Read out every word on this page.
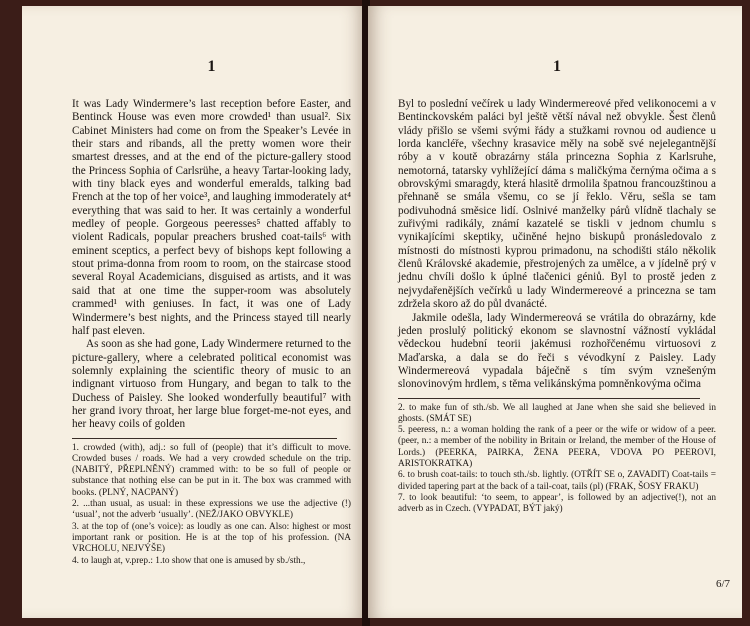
1

It was Lady Windermere’s last reception before Easter, and Bentinck House was even more crowded¹ than usual². Six Cabinet Ministers had come on from the Speaker’s Levée in their stars and ribands, all the pretty women wore their smartest dresses, and at the end of the picture-gallery stood the Princess Sophia of Carlsrühe, a heavy Tartar-looking lady, with tiny black eyes and wonderful emeralds, talking bad French at the top of her voice³, and laughing immoderately at⁴ everything that was said to her. It was certainly a wonderful medley of people. Gorgeous peeresses⁵ chatted affably to violent Radicals, popular preachers brushed coat-tails⁶ with eminent sceptics, a perfect bevy of bishops kept following a stout prima-donna from room to room, on the staircase stood several Royal Academicians, disguised as artists, and it was said that at one time the supper-room was absolutely crammed¹ with geniuses. In fact, it was one of Lady Windermere’s best nights, and the Princess stayed till nearly half past eleven.

As soon as she had gone, Lady Windermere returned to the picture-gallery, where a celebrated political economist was solemnly explaining the scientific theory of music to an indignant virtuoso from Hungary, and began to talk to the Duchess of Paisley. She looked wonderfully beautiful⁷ with her grand ivory throat, her large blue forget-me-not eyes, and her heavy coils of golden

1. crowded (with), adj.: so full of (people) that it’s difficult to move. Crowded buses / roads. We had a very crowded schedule on the trip. (NABITÝ, PŘEPLNĚNÝ) crammed with: to be so full of people or substance that nothing else can be put in it. The box was crammed with books. (PLNÝ, NACPANÝ)

2. ...than usual, as usual: in these expressions we use the adjective (!) ‘usual’, not the adverb ‘usually’. (NEŽ/JAKO OBVYKLE)

3. at the top of (one’s voice): as loudly as one can. Also: highest or most important rank or position. He is at the top of his profession. (NA VRCHOLU, NEJVÝŠE)

4. to laugh at, v.prep.: 1.to show that one is amused by sb./sth.,

1

Byl to poslední večírek u lady Windermereové před velikonocemi a v Bentinckovském paláci byl ještě větší nával než obvykle. Šest členů vlády přišlo se všemi svými řády a stužkami rovnou od audience u lorda kancléře, všechny krasavice měly na sobě své nejelegantnější róby a v koutě obrazárny stála princezna Sophia z Karlsruhe, nemotorná, tatarsky vyhlížející dáma s maličkýma černýma očima a s obrovskými smaragdy, která hlasitě drmolila špatnou francouzštinou a přehnaně se smála všemu, co se jí řeklo. Věru, sešla se tam podivuhodná směsice lidí. Oslnivé manželky párů vlídně tlachaly se zuřivými radikály, známí kazatelé se tiskli v jednom chumlu s vynikajícími skeptiky, učiněné hejno biskupů pronásledovalo z místnosti do místnosti kyprou primadonu, na schodišti stálo několik členů Královské akademie, přestrojených za umělce, a v jídelně prý v jednu chvíli došlo k úplné tlačenici géniů. Byl to prostě jeden z nejvydařenějších večírků u lady Windermereové a princezna se tam zdržela skoro až do půl dvanácté.

Jakmile odešla, lady Windermereová se vrátila do obrazárny, kde jeden proslulý politický ekonom se slavnostní vážností vykládal vědeckou hudební teorii jakémusi rozhořčenému virtuosovi z Maďarska, a dala se do řeči s vévodkyní z Paisley. Lady Windermereová vypadala báječně s tím svým vznešeným slonovinovým hrdlem, s těma velikánskýma pomněnkovýma očima

2. to make fun of sth./sb. We all laughed at Jane when she said she believed in ghosts. (SMÁT SE)

5. peeress, n.: a woman holding the rank of a peer or the wife or widow of a peer. (peer, n.: a member of the nobility in Britain or Ireland, the member of the House of Lords.) (PEERKA, PAIRKA, ŽENA PEERA, VDOVA PO PEEROVI, ARISTOKRATKA)

6. to brush coat-tails: to touch sth./sb. lightly. (OTŘÍT SE o, ZAVADIT) Coat-tails = divided tapering part at the back of a tail-coat, tails (pl) (FRAK, ŠOSY FRAKU)

7. to look beautiful: ‘to seem, to appear’, is followed by an adjective(!), not an adverb as in Czech. (VYPADAT, BÝT jaký)

6/7
